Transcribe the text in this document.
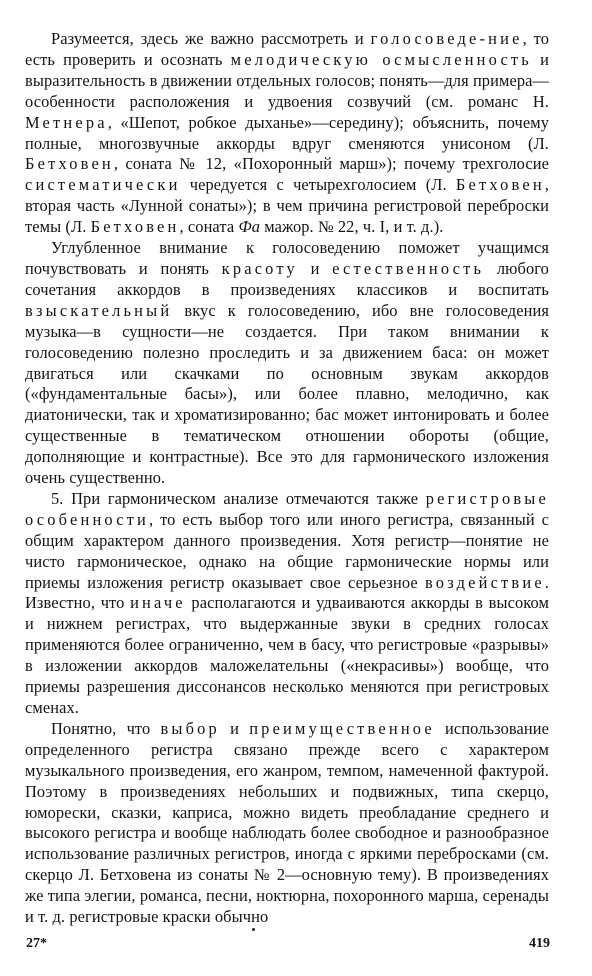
Разумеется, здесь же важно рассмотреть и голосоведе-ние, то есть проверить и осознать мелодическую осмысленность и выразительность в движении отдельных голосов; понять—для примера—особенности расположения и удвоения созвучий (см. романс Н. Метнера, «Шепот, робкое дыханье»—середину); объяснить, почему полные, многозвучные аккорды вдруг сменяются унисоном (Л. Бетховен, соната № 12, «Похоронный марш»); почему трехголосие систематически чередуется с четырехголосием (Л. Бетховен, вторая часть «Лунной сонаты»); в чем причина регистровой переброски темы (Л. Бетховен, соната Фа мажор. № 22, ч. I, и т. д.).

Углубленное внимание к голосоведению поможет учащимся почувствовать и понять красоту и естественность любого сочетания аккордов в произведениях классиков и воспитать взыскательный вкус к голосоведению, ибо вне голосоведения музыка—в сущности—не создается. При таком внимании к голосоведению полезно проследить и за движением баса: он может двигаться или скачками по основным звукам аккордов («фундаментальные басы»), или более плавно, мелодично, как диатонически, так и хроматизированно; бас может интонировать и более существенные в тематическом отношении обороты (общие, дополняющие и контрастные). Все это для гармонического изложения очень существенно.

5. При гармоническом анализе отмечаются также регистровые особенности, то есть выбор того или иного регистра, связанный с общим характером данного произведения. Хотя регистр—понятие не чисто гармоническое, однако на общие гармонические нормы или приемы изложения регистр оказывает свое серьезное воздействие. Известно, что иначе располагаются и удваиваются аккорды в высоком и нижнем регистрах, что выдержанные звуки в средних голосах применяются более ограниченно, чем в басу, что регистровые «разрывы» в изложении аккордов маложелательны («некрасивы») вообще, что приемы разрешения диссонансов несколько меняются при регистровых сменах.

Понятно, что выбор и преимущественное использование определенного регистра связано прежде всего с характером музыкального произведения, его жанром, темпом, намеченной фактурой. Поэтому в произведениях небольших и подвижных, типа скерцо, юморески, сказки, каприса, можно видеть преобладание среднего и высокого регистра и вообще наблюдать более свободное и разнообразное использование различных регистров, иногда с яркими перебросками (см. скерцо Л. Бетховена из сонаты № 2—основную тему). В произведениях же типа элегии, романса, песни, ноктюрна, похоронного марша, серенады и т. д. регистровые краски обычно

27*	419
